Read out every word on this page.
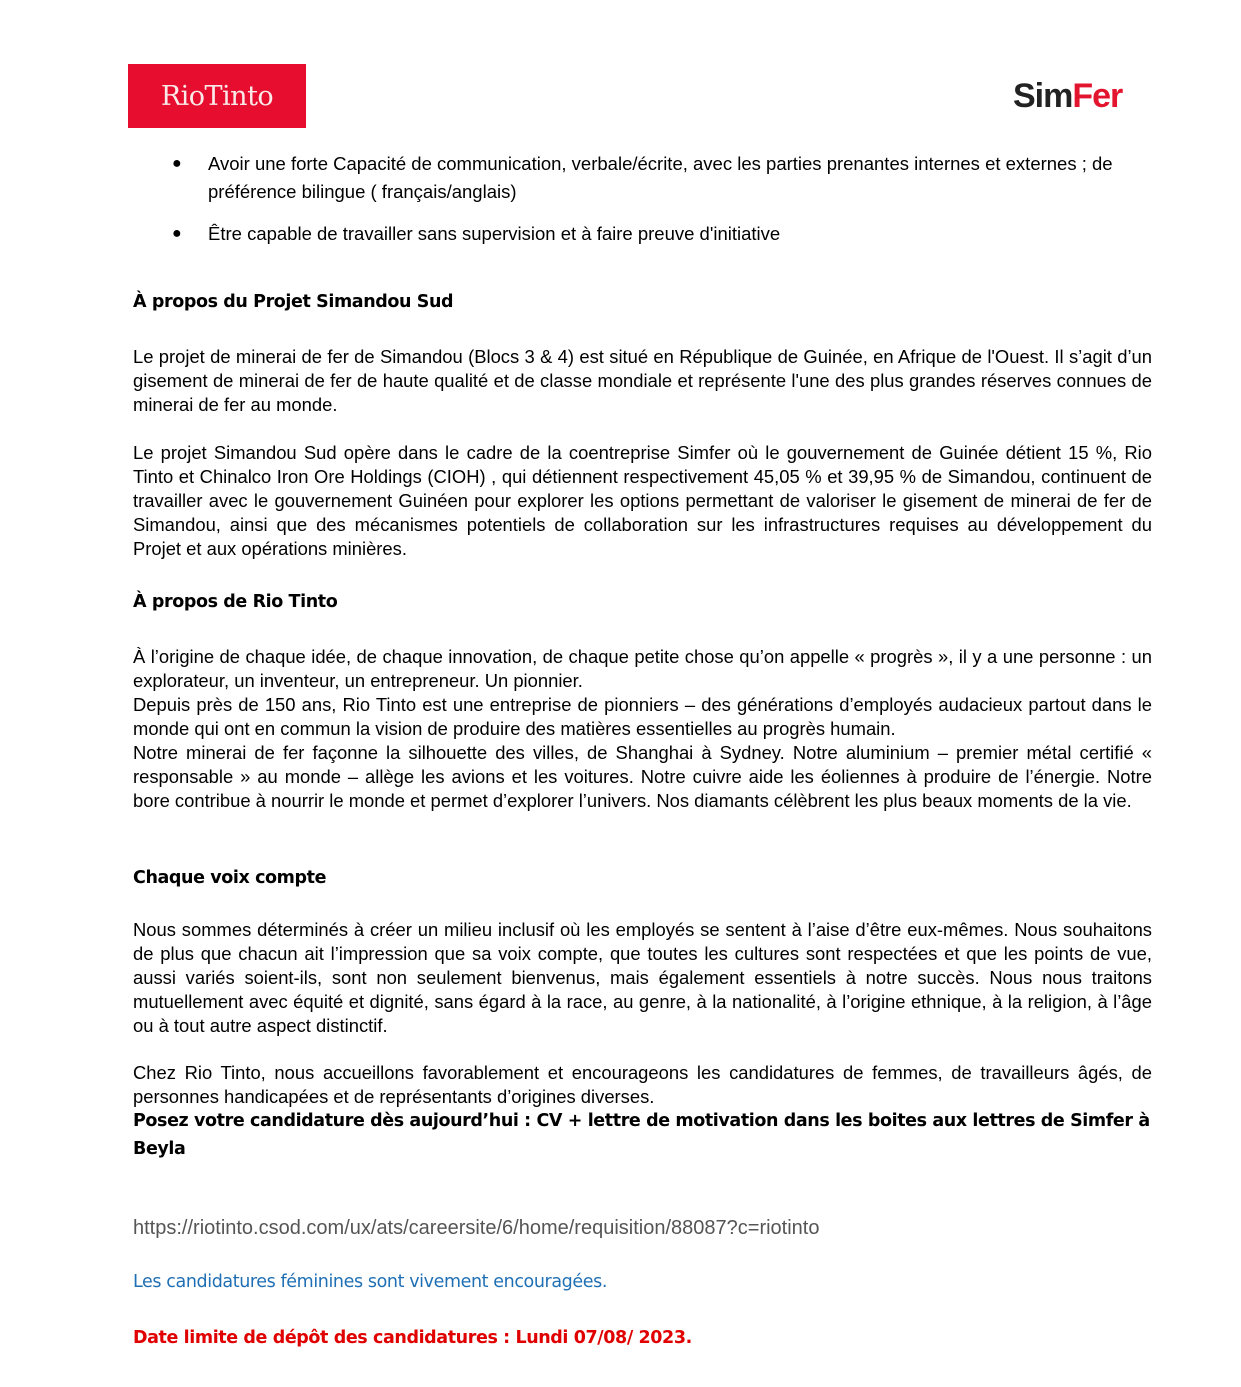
RioTinto	SimFer
● Avoir une forte Capacité de communication, verbale/écrite, avec les parties prenantes internes et externes ; de préférence bilingue ( français/anglais)
● Être capable de travailler sans supervision et à faire preuve d'initiative
À propos du Projet Simandou Sud
Le projet de minerai de fer de Simandou (Blocs 3 & 4) est situé en République de Guinée, en Afrique de l'Ouest. Il s’agit d’un gisement de minerai de fer de haute qualité et de classe mondiale et représente l'une des plus grandes réserves connues de minerai de fer au monde.
Le projet Simandou Sud opère dans le cadre de la coentreprise Simfer où le gouvernement de Guinée détient 15 %, Rio Tinto et Chinalco Iron Ore Holdings (CIOH) , qui détiennent respectivement 45,05 % et 39,95 % de Simandou, continuent de travailler avec le gouvernement Guinéen pour explorer les options permettant de valoriser le gisement de minerai de fer de Simandou, ainsi que des mécanismes potentiels de collaboration sur les infrastructures requises au développement du Projet et aux opérations minières.
À propos de Rio Tinto
À l’origine de chaque idée, de chaque innovation, de chaque petite chose qu’on appelle « progrès », il y a une personne : un explorateur, un inventeur, un entrepreneur. Un pionnier.
Depuis près de 150 ans, Rio Tinto est une entreprise de pionniers – des générations d’employés audacieux partout dans le monde qui ont en commun la vision de produire des matières essentielles au progrès humain.
Notre minerai de fer façonne la silhouette des villes, de Shanghai à Sydney. Notre aluminium – premier métal certifié « responsable » au monde – allège les avions et les voitures. Notre cuivre aide les éoliennes à produire de l’énergie. Notre bore contribue à nourrir le monde et permet d’explorer l’univers. Nos diamants célèbrent les plus beaux moments de la vie.
Chaque voix compte
Nous sommes déterminés à créer un milieu inclusif où les employés se sentent à l’aise d’être eux-mêmes. Nous souhaitons de plus que chacun ait l’impression que sa voix compte, que toutes les cultures sont respectées et que les points de vue, aussi variés soient-ils, sont non seulement bienvenus, mais également essentiels à notre succès. Nous nous traitons mutuellement avec équité et dignité, sans égard à la race, au genre, à la nationalité, à l’origine ethnique, à la religion, à l’âge ou à tout autre aspect distinctif.
Chez Rio Tinto, nous accueillons favorablement et encourageons les candidatures de femmes, de travailleurs âgés, de personnes handicapées et de représentants d’origines diverses.
Posez votre candidature dès aujourd’hui : CV + lettre de motivation dans les boites aux lettres de Simfer à Beyla
https://riotinto.csod.com/ux/ats/careersite/6/home/requisition/88087?c=riotinto
Les candidatures féminines sont vivement encouragées.
Date limite de dépôt des candidatures : Lundi 07/08/ 2023.
